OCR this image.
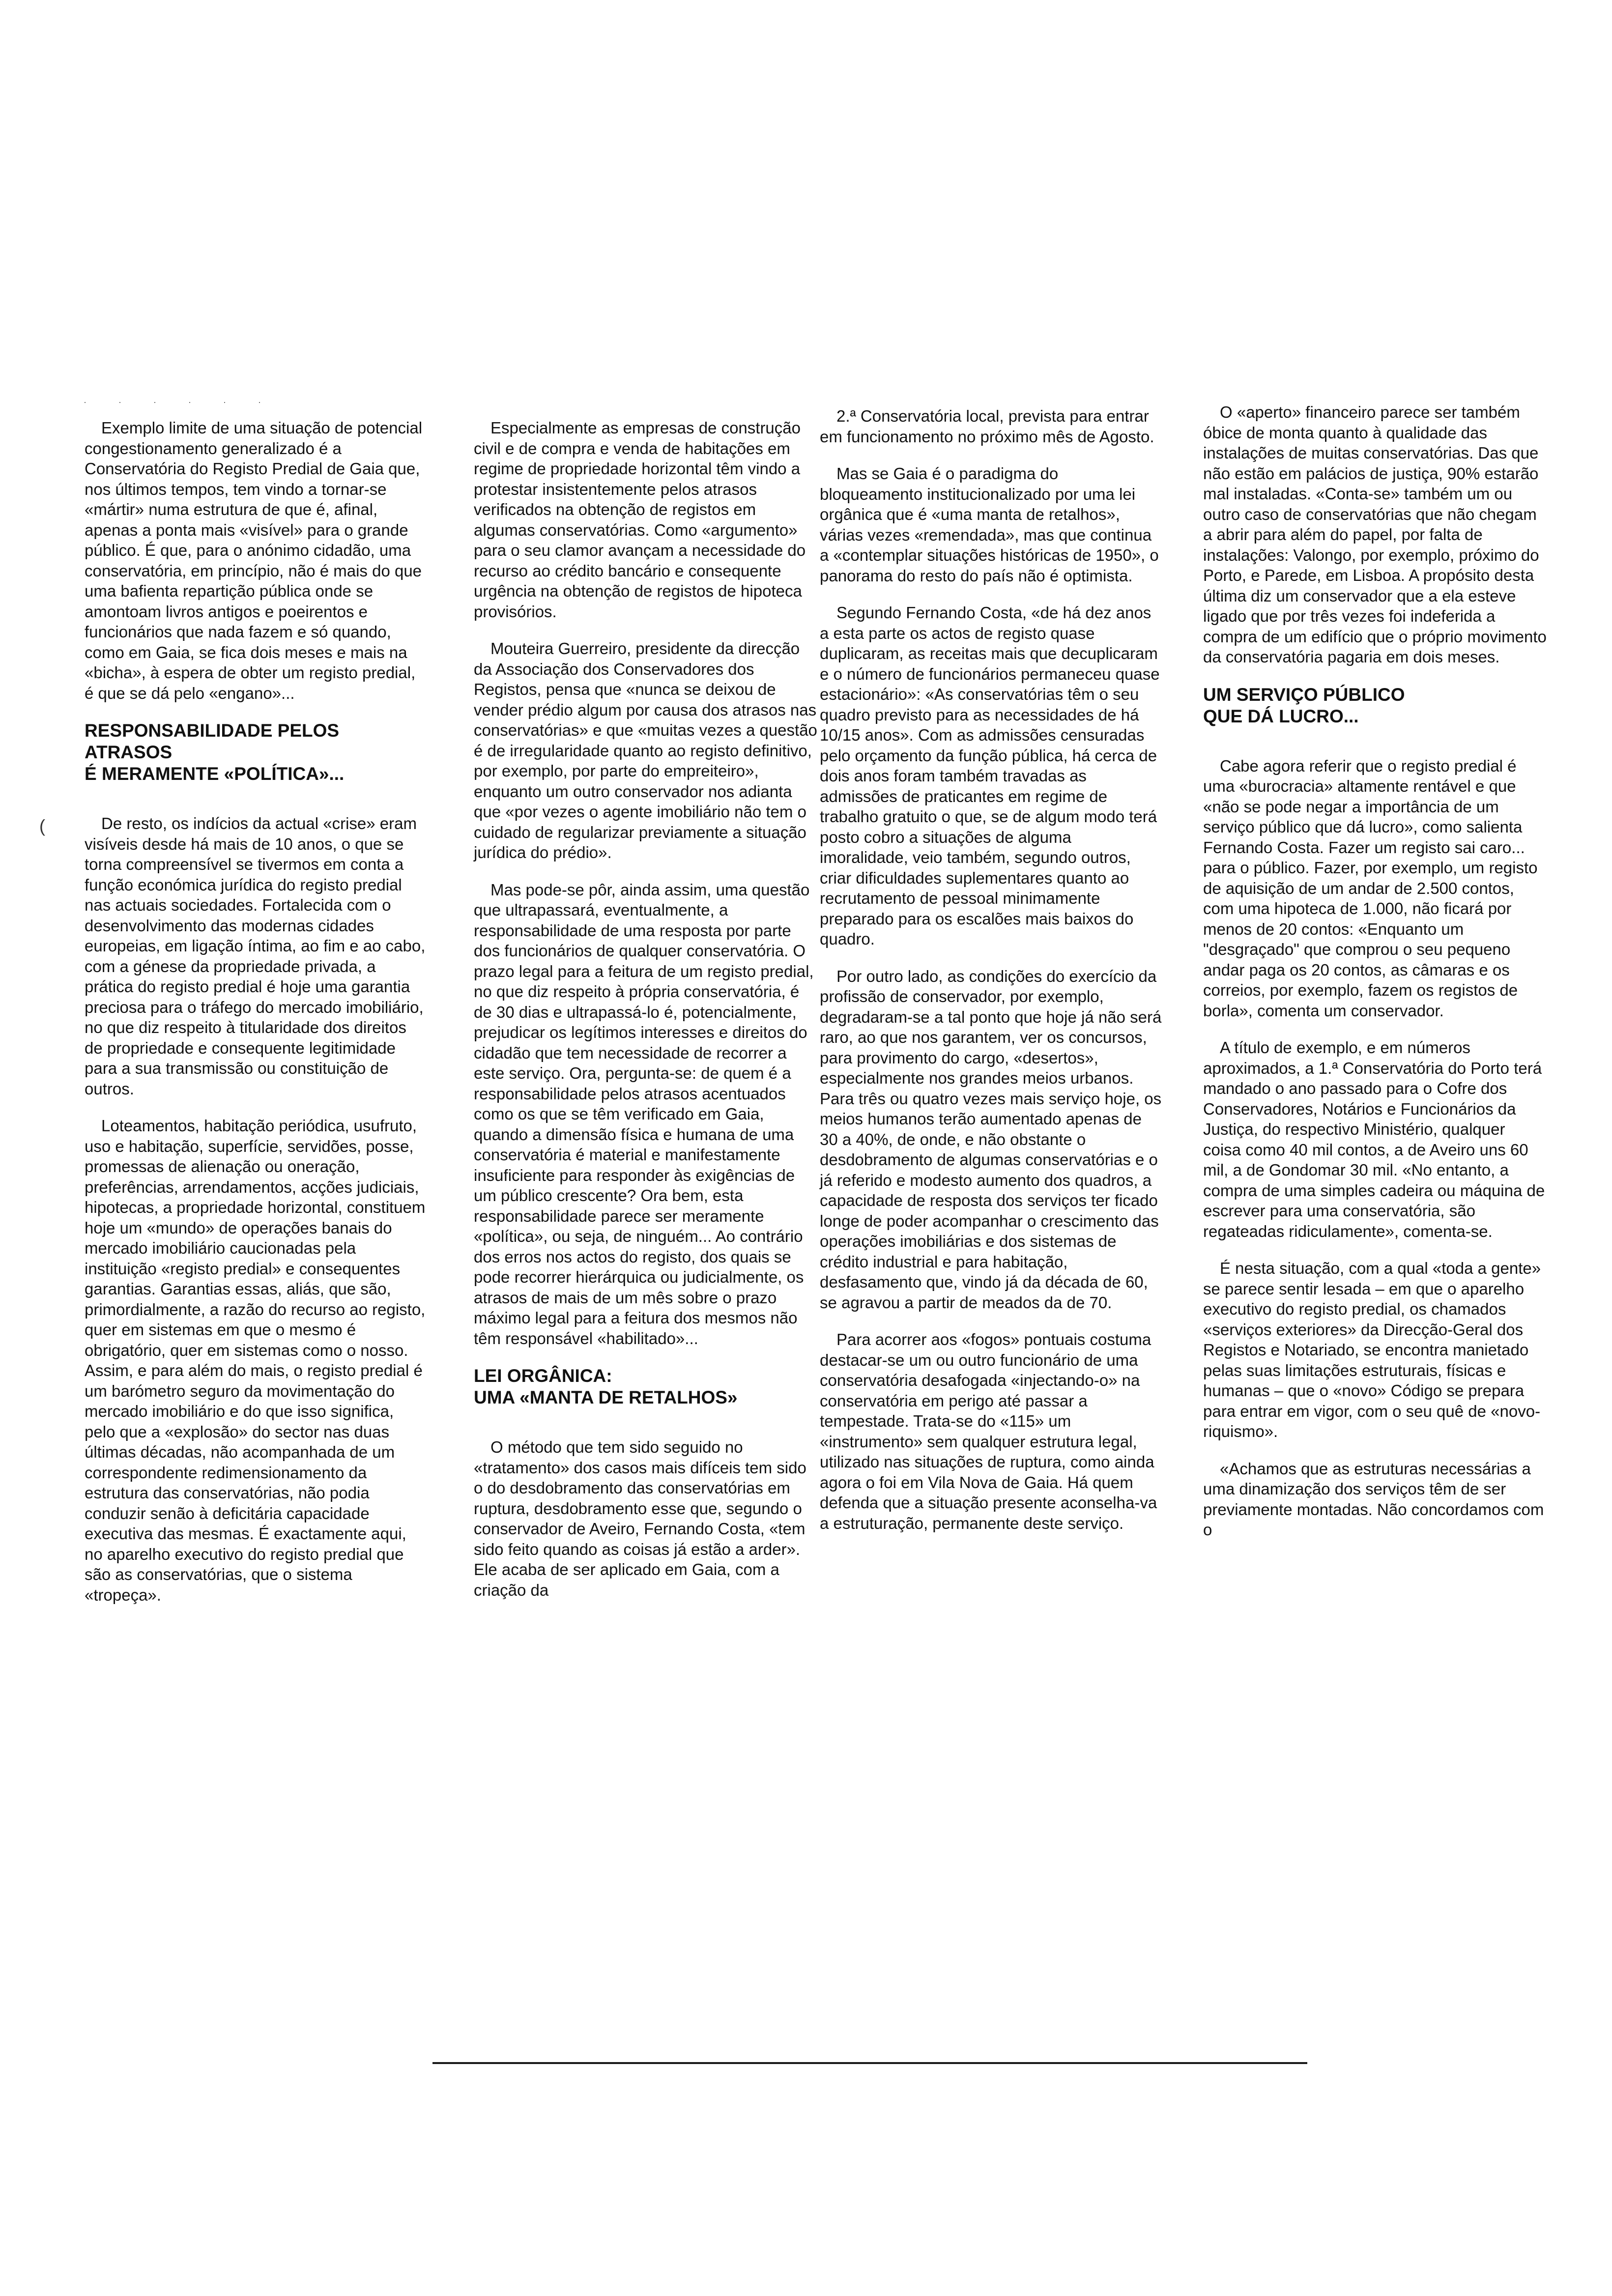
· · · · · ·

Exemplo limite de uma situação de potencial congestionamento generalizado é a Conservatória do Registo Predial de Gaia que, nos últimos tempos, tem vindo a tornar-se «mártir» numa estrutura de que é, afinal, apenas a ponta mais «visível» para o grande público. É que, para o anónimo cidadão, uma conservatória, em princípio, não é mais do que uma bafienta repartição pública onde se amontoam livros antigos e poeirentos e funcionários que nada fazem e só quando, como em Gaia, se fica dois meses e mais na «bicha», à espera de obter um registo predial, é que se dá pelo «engano»...

RESPONSABILIDADE PELOS ATRASOS
É MERAMENTE «POLÍTICA»...

De resto, os indícios da actual «crise» eram visíveis desde há mais de 10 anos, o que se torna compreensível se tivermos em conta a função económica jurídica do registo predial nas actuais sociedades. Fortalecida com o desenvolvimento das modernas cidades europeias, em ligação íntima, ao fim e ao cabo, com a génese da propriedade privada, a prática do registo predial é hoje uma garantia preciosa para o tráfego do mercado imobiliário, no que diz respeito à titularidade dos direitos de propriedade e consequente legitimidade para a sua transmissão ou constituição de outros.

Loteamentos, habitação periódica, usufruto, uso e habitação, superfície, servidões, posse, promessas de alienação ou oneração, preferências, arrendamentos, acções judiciais, hipotecas, a propriedade horizontal, constituem hoje um «mundo» de operações banais do mercado imobiliário caucionadas pela instituição «registo predial» e consequentes garantias. Garantias essas, aliás, que são, primordialmente, a razão do recurso ao registo, quer em sistemas em que o mesmo é obrigatório, quer em sistemas como o nosso. Assim, e para além do mais, o registo predial é um barómetro seguro da movimentação do mercado imobiliário e do que isso significa, pelo que a «explosão» do sector nas duas últimas décadas, não acompanhada de um correspondente redimensionamento da estrutura das conservatórias, não podia conduzir senão à deficitária capacidade executiva das mesmas. É exactamente aqui, no aparelho executivo do registo predial que são as conservatórias, que o sistema «tropeça».

Especialmente as empresas de construção civil e de compra e venda de habitações em regime de propriedade horizontal têm vindo a protestar insistentemente pelos atrasos verificados na obtenção de registos em algumas conservatórias. Como «argumento» para o seu clamor avançam a necessidade do recurso ao crédito bancário e consequente urgência na obtenção de registos de hipoteca provisórios.

Mouteira Guerreiro, presidente da direcção da Associação dos Conservadores dos Registos, pensa que «nunca se deixou de vender prédio algum por causa dos atrasos nas conservatórias» e que «muitas vezes a questão é de irregularidade quanto ao registo definitivo, por exemplo, por parte do empreiteiro», enquanto um outro conservador nos adianta que «por vezes o agente imobiliário não tem o cuidado de regularizar previamente a situação jurídica do prédio».

Mas pode-se pôr, ainda assim, uma questão que ultrapassará, eventualmente, a responsabilidade de uma resposta por parte dos funcionários de qualquer conservatória. O prazo legal para a feitura de um registo predial, no que diz respeito à própria conservatória, é de 30 dias e ultrapassá-lo é, potencialmente, prejudicar os legítimos interesses e direitos do cidadão que tem necessidade de recorrer a este serviço. Ora, pergunta-se: de quem é a responsabilidade pelos atrasos acentuados como os que se têm verificado em Gaia, quando a dimensão física e humana de uma conservatória é material e manifestamente insuficiente para responder às exigências de um público crescente? Ora bem, esta responsabilidade parece ser meramente «política», ou seja, de ninguém... Ao contrário dos erros nos actos do registo, dos quais se pode recorrer hierárquica ou judicialmente, os atrasos de mais de um mês sobre o prazo máximo legal para a feitura dos mesmos não têm responsável «habilitado»...

LEI ORGÂNICA:
UMA «MANTA DE RETALHOS»

O método que tem sido seguido no «tratamento» dos casos mais difíceis tem sido o do desdobramento das conservatórias em ruptura, desdobramento esse que, segundo o conservador de Aveiro, Fernando Costa, «tem sido feito quando as coisas já estão a arder». Ele acaba de ser aplicado em Gaia, com a criação da

2.ª Conservatória local, prevista para entrar em funcionamento no próximo mês de Agosto.

Mas se Gaia é o paradigma do bloqueamento institucionalizado por uma lei orgânica que é «uma manta de retalhos», várias vezes «remendada», mas que continua a «contemplar situações históricas de 1950», o panorama do resto do país não é optimista.

Segundo Fernando Costa, «de há dez anos a esta parte os actos de registo quase duplicaram, as receitas mais que decuplicaram e o número de funcionários permaneceu quase estacionário»: «As conservatórias têm o seu quadro previsto para as necessidades de há 10/15 anos». Com as admissões censuradas pelo orçamento da função pública, há cerca de dois anos foram também travadas as admissões de praticantes em regime de trabalho gratuito o que, se de algum modo terá posto cobro a situações de alguma imoralidade, veio também, segundo outros, criar dificuldades suplementares quanto ao recrutamento de pessoal minimamente preparado para os escalões mais baixos do quadro.

Por outro lado, as condições do exercício da profissão de conservador, por exemplo, degradaram-se a tal ponto que hoje já não será raro, ao que nos garantem, ver os concursos, para provimento do cargo, «desertos», especialmente nos grandes meios urbanos. Para três ou quatro vezes mais serviço hoje, os meios humanos terão aumentado apenas de 30 a 40%, de onde, e não obstante o desdobramento de algumas conservatórias e o já referido e modesto aumento dos quadros, a capacidade de resposta dos serviços ter ficado longe de poder acompanhar o crescimento das operações imobiliárias e dos sistemas de crédito industrial e para habitação, desfasamento que, vindo já da década de 60, se agravou a partir de meados da de 70.

Para acorrer aos «fogos» pontuais costuma destacar-se um ou outro funcionário de uma conservatória desafogada «injectando-o» na conservatória em perigo até passar a tempestade. Trata-se do «115» um «instrumento» sem qualquer estrutura legal, utilizado nas situações de ruptura, como ainda agora o foi em Vila Nova de Gaia. Há quem defenda que a situação presente aconselha-va a estruturação, permanente deste serviço.

O «aperto» financeiro parece ser também óbice de monta quanto à qualidade das instalações de muitas conservatórias. Das que não estão em palácios de justiça, 90% estarão mal instaladas. «Conta-se» também um ou outro caso de conservatórias que não chegam a abrir para além do papel, por falta de instalações: Valongo, por exemplo, próximo do Porto, e Parede, em Lisboa. A propósito desta última diz um conservador que a ela esteve ligado que por três vezes foi indeferida a compra de um edifício que o próprio movimento da conservatória pagaria em dois meses.

UM SERVIÇO PÚBLICO
QUE DÁ LUCRO...

Cabe agora referir que o registo predial é uma «burocracia» altamente rentável e que «não se pode negar a importância de um serviço público que dá lucro», como salienta Fernando Costa. Fazer um registo sai caro... para o público. Fazer, por exemplo, um registo de aquisição de um andar de 2.500 contos, com uma hipoteca de 1.000, não ficará por menos de 20 contos: «Enquanto um "desgraçado" que comprou o seu pequeno andar paga os 20 contos, as câmaras e os correios, por exemplo, fazem os registos de borla», comenta um conservador.

A título de exemplo, e em números aproximados, a 1.ª Conservatória do Porto terá mandado o ano passado para o Cofre dos Conservadores, Notários e Funcionários da Justiça, do respectivo Ministério, qualquer coisa como 40 mil contos, a de Aveiro uns 60 mil, a de Gondomar 30 mil. «No entanto, a compra de uma simples cadeira ou máquina de escrever para uma conservatória, são regateadas ridiculamente», comenta-se.

É nesta situação, com a qual «toda a gente» se parece sentir lesada – em que o aparelho executivo do registo predial, os chamados «serviços exteriores» da Direcção-Geral dos Registos e Notariado, se encontra manietado pelas suas limitações estruturais, físicas e humanas – que o «novo» Código se prepara para entrar em vigor, com o seu quê de «novo-riquismo».

«Achamos que as estruturas necessárias a uma dinamização dos serviços têm de ser previamente montadas. Não concordamos com o

(
